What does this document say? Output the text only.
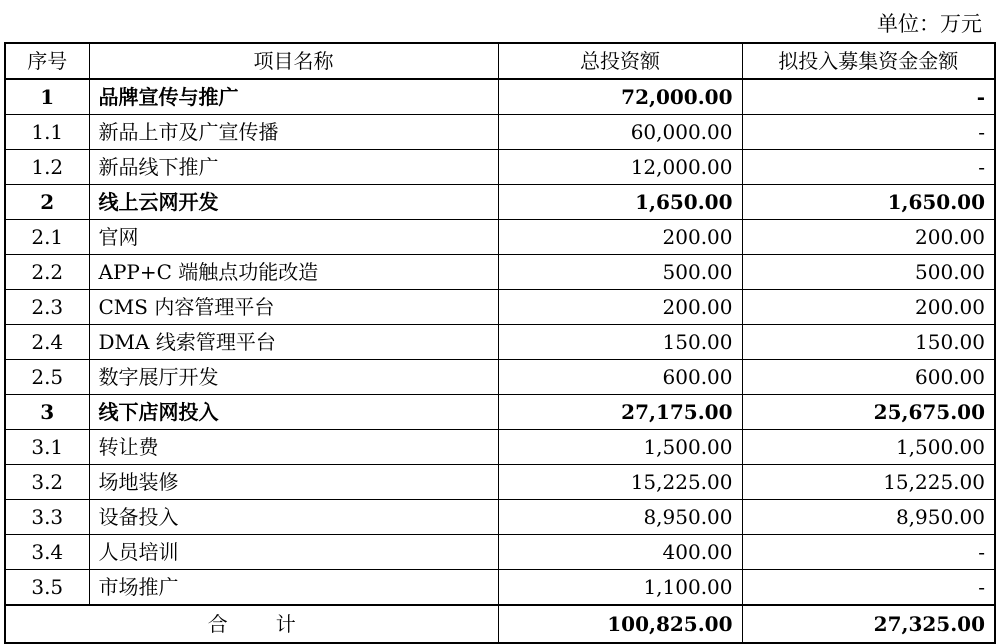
单位：万元
序号	项目名称	总投资额	拟投入募集资金金额
1	品牌宣传与推广	72,000.00	-
1.1	新品上市及广宣传播	60,000.00	-
1.2	新品线下推广	12,000.00	-
2	线上云网开发	1,650.00	1,650.00
2.1	官网	200.00	200.00
2.2	APP+C 端触点功能改造	500.00	500.00
2.3	CMS 内容管理平台	200.00	200.00
2.4	DMA 线索管理平台	150.00	150.00
2.5	数字展厅开发	600.00	600.00
3	线下店网投入	27,175.00	25,675.00
3.1	转让费	1,500.00	1,500.00
3.2	场地装修	15,225.00	15,225.00
3.3	设备投入	8,950.00	8,950.00
3.4	人员培训	400.00	-
3.5	市场推广	1,100.00	-
合 计		100,825.00	27,325.00
